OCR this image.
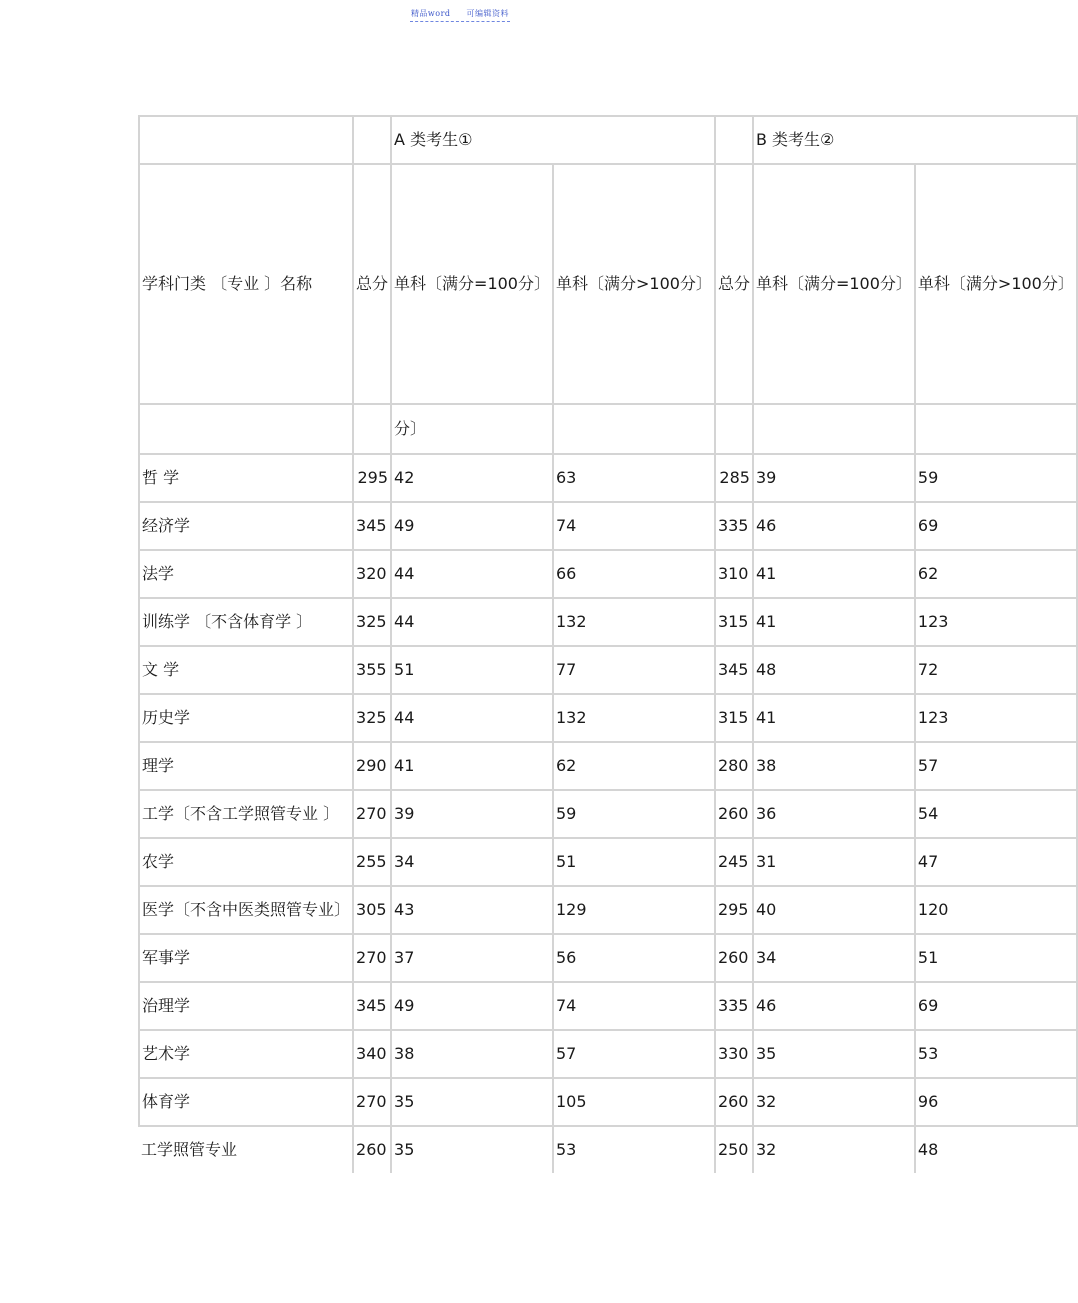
精品word 可编辑资料
		A 类考生①			B 类考生②	
学科门类 〔专业 〕名称	总分	单科〔满分=100分〕	单科〔满分>100分〕	总分	单科〔满分=100分〕	单科〔满分>100分〕
		分〕				
哲 学	295	42	63	285	39	59
经济学	345	49	74	335	46	69
法学	320	44	66	310	41	62
训练学 〔不含体育学 〕	325	44	132	315	41	123
文 学	355	51	77	345	48	72
历史学	325	44	132	315	41	123
理学	290	41	62	280	38	57
工学〔不含工学照管专业 〕	270	39	59	260	36	54
农学	255	34	51	245	31	47
医学〔不含中医类照管专业〕	305	43	129	295	40	120
军事学	270	37	56	260	34	51
治理学	345	49	74	335	46	69
艺术学	340	38	57	330	35	53
体育学	270	35	105	260	32	96
工学照管专业	260	35	53	250	32	48
